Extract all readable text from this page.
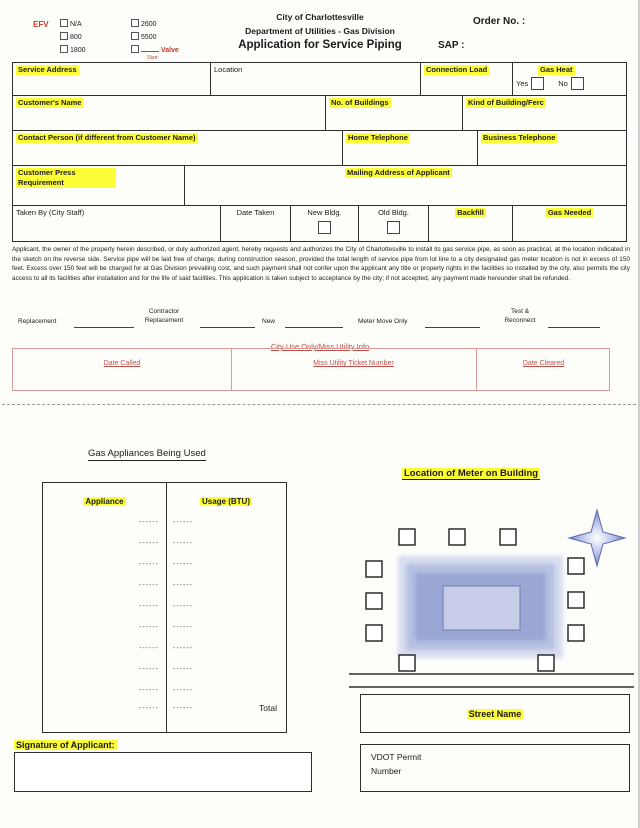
EFV	N/A
800
1800
2600
5500
Valve
Size
City of Charlottesville
Department of Utilities - Gas Division
Application for Service Piping
Order No. :
SAP :
Service Address	Location	Connection Load	Gas Heat
Yes	No
Customer's Name	No. of Buildings	Kind of Building/Ferc
Contact Person (if different from Customer Name)	Home Telephone	Business Telephone
Customer Press Requirement
Mailing Address of Applicant
Taken By (City Staff)	Date Taken	New Bldg.	Old Bldg.	Backfill	Gas Needed
Applicant, the owner of the property herein described, or duly authorized agent, hereby requests and authorizes the City of Charlottesville to install its gas service pipe, as soon as practical, at the location indicated in the sketch on the reverse side. Service pipe will be laid free of charge, during construction season, provided the total length of service pipe from lot line to a city designated gas meter location is not in excess of 150 feet. Excess over 150 feet will be charged for at Gas Division prevailing cost, and such payment shall not confer upon the applicant any title or property rights in the facilities so installed by the city, also permits the city access to all its facilities after installation and for the life of said facilities. This application is taken subject to acceptance by the city; if not accepted, any payment made hereunder shall be refunded.
Replacement
Contractor Replacement	New	Meter Move Only
Test & Reconnect
City Use Only/Miss Utility Info
Date Called	Miss Utility Ticket Number	Date Cleared
Gas Appliances Being Used
Appliance	Usage (BTU)
------ ------
------ ------
------ ------
------ ------
------ ------
------ ------
------ ------
------ ------
------ ------
------ ------	Total
Signature of Applicant:
Location of Meter on Building
Street Name
VDOT Permit
Number
